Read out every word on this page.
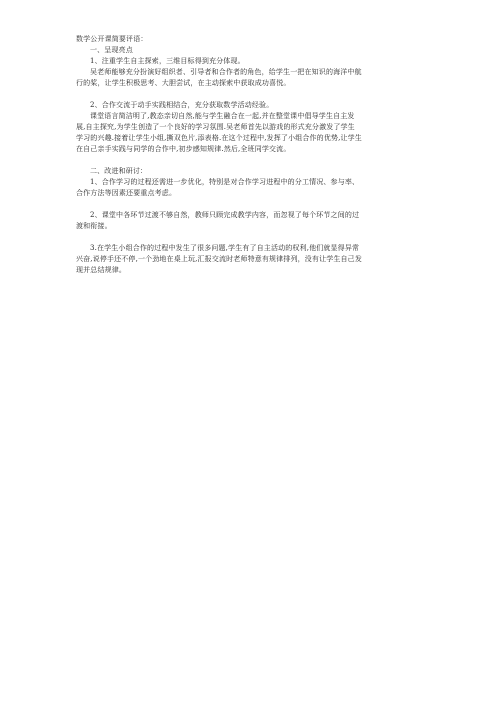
数学公开课简要评语：
一、呈现亮点
1、注重学生自主探索，三维目标得到充分体现。
吴老师能够充分扮演好组织者、引导者和合作者的角色，给学生一把在知识的海洋中航
行的桨，让学生积极思考、大胆尝试，在主动探索中获取成功喜悦。
2、合作交流于动手实践相结合，充分获取数学活动经验。
课堂语言简洁明了,教态亲切自然,能与学生融合在一起,并在整堂课中倡导学生自主发
展,自主探究,为学生创造了一个良好的学习氛围.吴老师首先以游戏的形式充分激发了学生
学习的兴趣.接着让学生小组,撕双色片,添表格.在这个过程中,发挥了小组合作的优势,让学生
在自己亲手实践与同学的合作中,初步感知规律.然后,全班同学交流。
二、改进和研讨：
1、合作学习的过程还需进一步优化，特别是对合作学习进程中的分工情况、参与率、
合作方法等因素还要重点考虑。
2、课堂中各环节过渡不够自然，教师只顾完成教学内容，而忽视了每个环节之间的过
渡和衔接。
3.在学生小组合作的过程中发生了很多问题,学生有了自主活动的权利,他们就显得异常
兴奋,说停手还不停,一个劲地在桌上玩,汇报交流时老师特意有规律排列，没有让学生自己发
现并总结规律。
